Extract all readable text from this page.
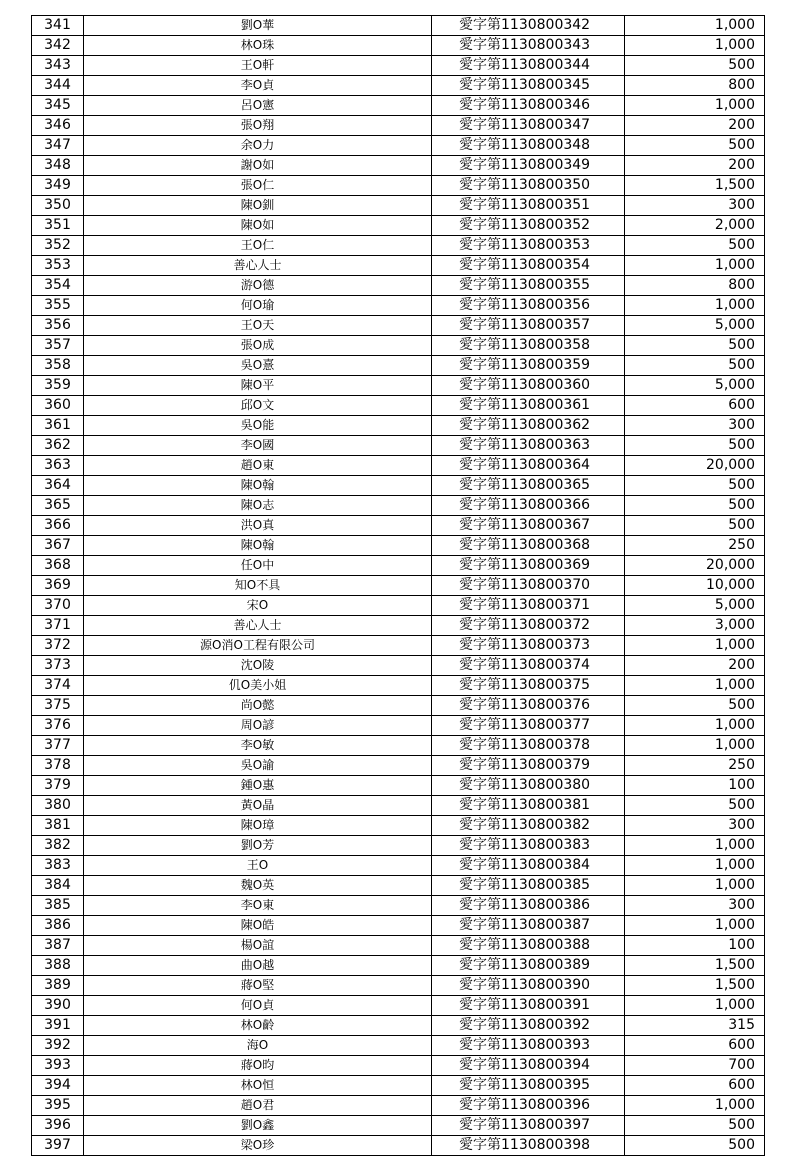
341	劉O華	愛字第1130800342	1,000
342	林O珠	愛字第1130800343	1,000
343	王O軒	愛字第1130800344	500
344	李O貞	愛字第1130800345	800
345	呂O憲	愛字第1130800346	1,000
346	張O翔	愛字第1130800347	200
347	余O力	愛字第1130800348	500
348	謝O如	愛字第1130800349	200
349	張O仁	愛字第1130800350	1,500
350	陳O釧	愛字第1130800351	300
351	陳O如	愛字第1130800352	2,000
352	王O仁	愛字第1130800353	500
353	善心人士	愛字第1130800354	1,000
354	游O德	愛字第1130800355	800
355	何O瑜	愛字第1130800356	1,000
356	王O天	愛字第1130800357	5,000
357	張O成	愛字第1130800358	500
358	吳O憙	愛字第1130800359	500
359	陳O平	愛字第1130800360	5,000
360	邱O文	愛字第1130800361	600
361	吳O能	愛字第1130800362	300
362	李O國	愛字第1130800363	500
363	趙O東	愛字第1130800364	20,000
364	陳O翰	愛字第1130800365	500
365	陳O志	愛字第1130800366	500
366	洪O真	愛字第1130800367	500
367	陳O翰	愛字第1130800368	250
368	任O中	愛字第1130800369	20,000
369	知O不具	愛字第1130800370	10,000
370	宋O	愛字第1130800371	5,000
371	善心人士	愛字第1130800372	3,000
372	源O消O工程有限公司	愛字第1130800373	1,000
373	沈O陵	愛字第1130800374	200
374	仉O美小姐	愛字第1130800375	1,000
375	尚O懿	愛字第1130800376	500
376	周O諺	愛字第1130800377	1,000
377	李O敏	愛字第1130800378	1,000
378	吳O諭	愛字第1130800379	250
379	鍾O惠	愛字第1130800380	100
380	黃O晶	愛字第1130800381	500
381	陳O璋	愛字第1130800382	300
382	劉O芳	愛字第1130800383	1,000
383	王O	愛字第1130800384	1,000
384	魏O英	愛字第1130800385	1,000
385	李O東	愛字第1130800386	300
386	陳O皓	愛字第1130800387	1,000
387	楊O誼	愛字第1130800388	100
388	曲O越	愛字第1130800389	1,500
389	蔣O堅	愛字第1130800390	1,500
390	何O貞	愛字第1130800391	1,000
391	林O齡	愛字第1130800392	315
392	海O	愛字第1130800393	600
393	蔣O昀	愛字第1130800394	700
394	林O恒	愛字第1130800395	600
395	趙O君	愛字第1130800396	1,000
396	劉O鑫	愛字第1130800397	500
397	梁O珍	愛字第1130800398	500
